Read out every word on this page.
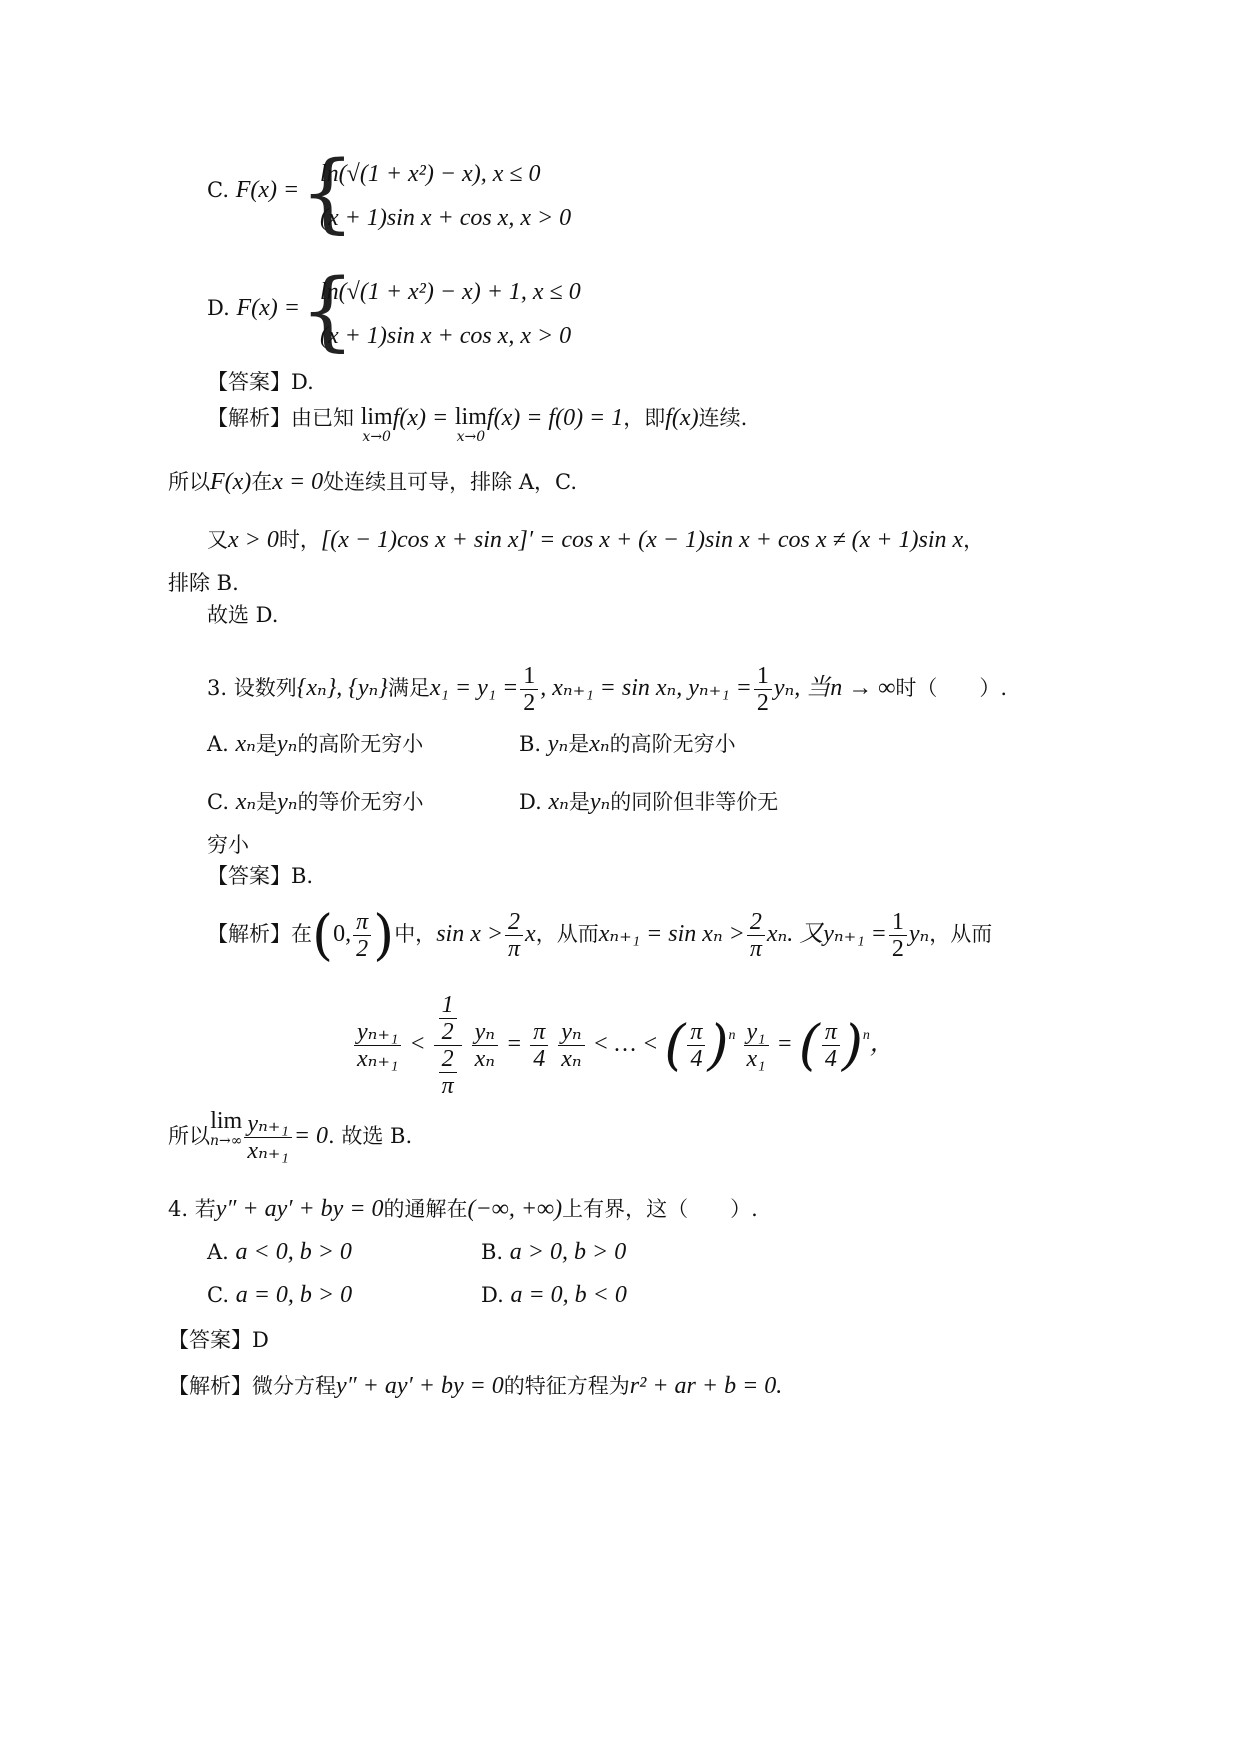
C. F(x) = {
ln(√(1 + x²) − x), x ≤ 0
(x + 1)sin x + cos x, x > 0
D. F(x) = {
ln(√(1 + x²) − x) + 1, x ≤ 0
(x + 1)sin x + cos x, x > 0
【答案】D.
【解析】由已知 lim
x→0
f(x) = lim
x→0
f(x) = f(0) = 1，即f(x)连续.
所以F(x)在x = 0处连续且可导，排除 A，C.
又x > 0时，[(x − 1)cos x + sin x]′ = cos x + (x − 1)sin x + cos x ≠ (x + 1)sin x，
排除 B.
故选 D.
3. 设数列{xₙ}, {yₙ}满足$x_1 = y_1 = \frac{1}{2}$ , xₙ₊₁ = sin xₙ, $y_{n+1} = \frac{1}{2} y_n$, 当n → ∞时（　　）.
A. xₙ是yₙ的高阶无穷小	B. yₙ是xₙ的高阶无穷小
C. xₙ是yₙ的等价无穷小	D. xₙ是yₙ的同阶但非等价无
穷小
【答案】B.
【解析】在(0, $\frac{\pi}{2}$ )中，$\sin x > \frac{2}{\pi}$ x，从而$x_{n+1} = \sin x_n > \frac{2}{\pi} x_n$. 又$y_{n+1} = \frac{1}{2}$ yₙ，从而
$\frac{\text{yₙ₊₁}}{\text{xₙ₊₁}} < \frac{\frac{1}{2}}{\frac{2}{\pi}}$
$\frac{\text{yₙ}}{\text{xₙ}} = \frac{\pi}{4}$
$\frac{\text{yₙ}}{\text{xₙ}}$ < … < ( $\frac{\pi}{4} )^n \frac{\text{y₁}}{\text{x₁}}$ = ( $\frac{\pi}{4} )^n$，
所以lim
$n\to\infty \frac{\text{yₙ₊₁}}{\text{xₙ₊₁}} = 0$. 故选 B.
4. 若y″ + ay′ + by = 0的通解在(−∞, +∞)上有界，这（　　）.
A. a < 0, b > 0	B. a > 0, b > 0
C. a = 0, b > 0	D. a = 0, b < 0
【答案】D
【解析】微分方程y″ + ay′ + by = 0的特征方程为r² + ar + b = 0.
